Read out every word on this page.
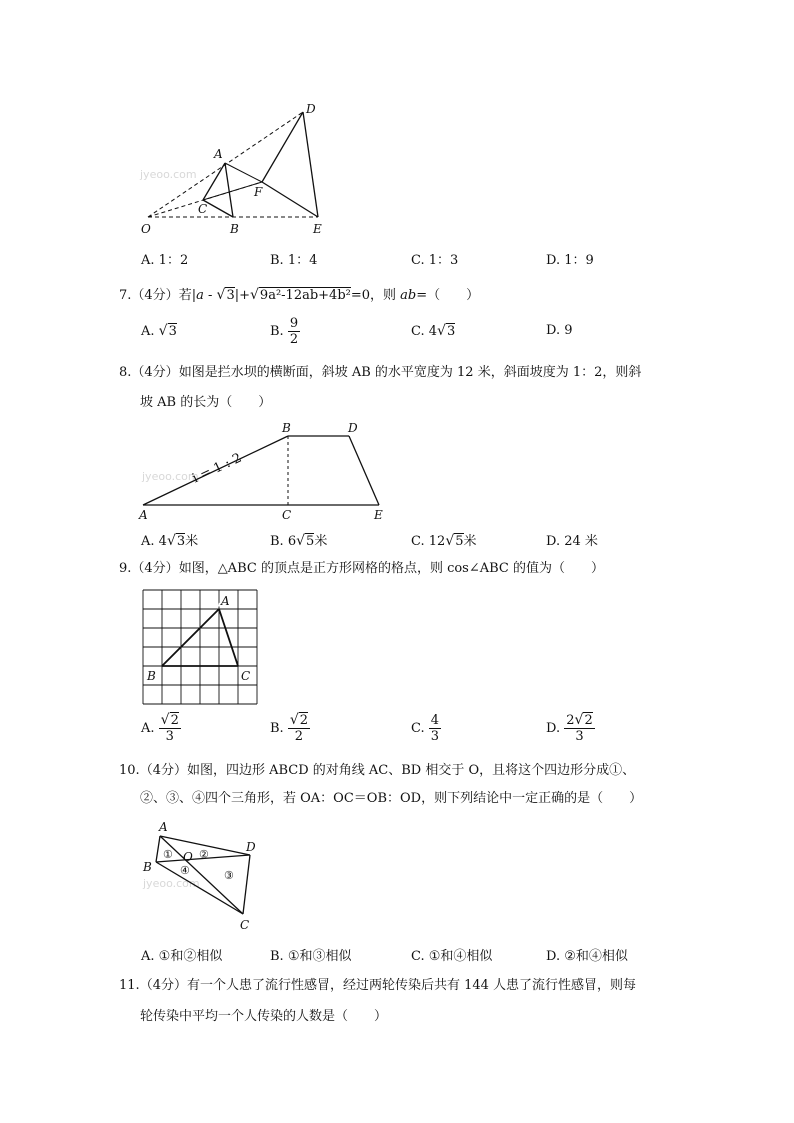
jyeoo.com
D
A
F
C
O	B	E
A. 1：2	B. 1：4	C. 1：3	D. 1：9
7.（4分）若|a - √3|+√9a²-12ab+4b²=0，则 ab=（　　）
A. √3	B. $\frac{9}{2}$	C. 4√3	D. 9
8.（4分）如图是拦水坝的横断面，斜坡 AB 的水平宽度为 12 米，斜面坡度为 1：2，则斜
坡 AB 的长为（　　）
jyeoo.com
i = 1 : 2
B	D
A	C	E
A. 4√3米	B. 6√5米	C. 12√5米	D. 24 米
9.（4分）如图，△ABC 的顶点是正方形网格的格点，则 cos∠ABC 的值为（　　）
A
B	C
A. $\frac{√2}{3}$	B. $\frac{√2}{2}$	C. $\frac{4}{3}$	D. $\frac{2√2}{3}$
10.（4分）如图，四边形 ABCD 的对角线 AC、BD 相交于 O，且将这个四边形分成①、
②、③、④四个三角形，若 OA：OC＝OB：OD，则下列结论中一定正确的是（　　）
jyeoo.com
A
D
B
O
C
① ②
④	③
A. ①和②相似	B. ①和③相似	C. ①和④相似	D. ②和④相似
11.（4分）有一个人患了流行性感冒，经过两轮传染后共有 144 人患了流行性感冒，则每
轮传染中平均一个人传染的人数是（　　）
